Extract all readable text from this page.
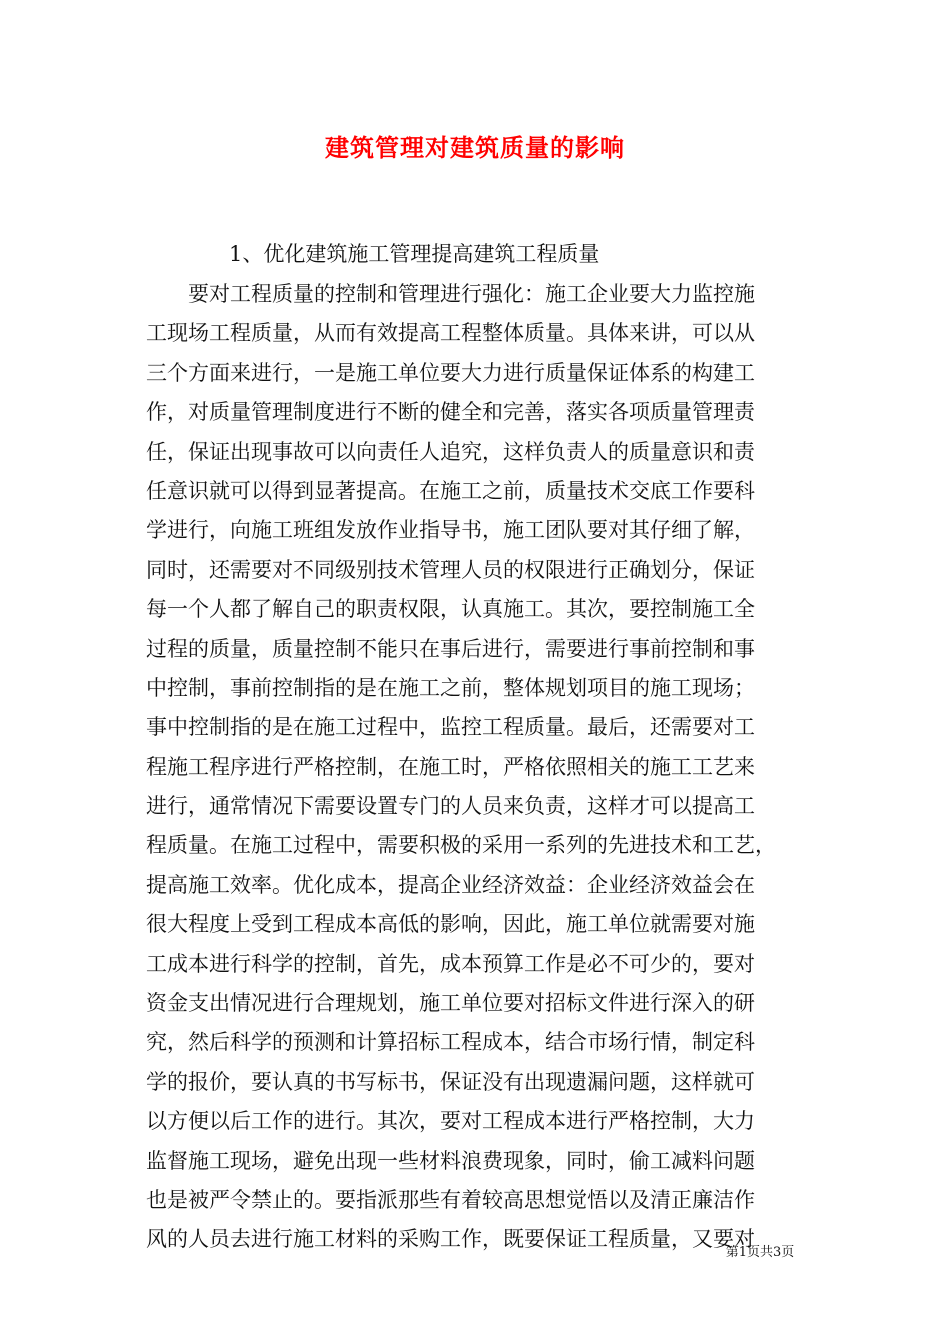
建筑管理对建筑质量的影响
1、优化建筑施工管理提高建筑工程质量
要对工程质量的控制和管理进行强化：施工企业要大力监控施
工现场工程质量，从而有效提高工程整体质量。具体来讲，可以从
三个方面来进行，一是施工单位要大力进行质量保证体系的构建工
作，对质量管理制度进行不断的健全和完善，落实各项质量管理责
任，保证出现事故可以向责任人追究，这样负责人的质量意识和责
任意识就可以得到显著提高。在施工之前，质量技术交底工作要科
学进行，向施工班组发放作业指导书，施工团队要对其仔细了解，
同时，还需要对不同级别技术管理人员的权限进行正确划分，保证
每一个人都了解自己的职责权限，认真施工。其次，要控制施工全
过程的质量，质量控制不能只在事后进行，需要进行事前控制和事
中控制，事前控制指的是在施工之前，整体规划项目的施工现场；
事中控制指的是在施工过程中，监控工程质量。最后，还需要对工
程施工程序进行严格控制，在施工时，严格依照相关的施工工艺来
进行，通常情况下需要设置专门的人员来负责，这样才可以提高工
程质量。在施工过程中，需要积极的采用一系列的先进技术和工艺，
提高施工效率。优化成本，提高企业经济效益：企业经济效益会在
很大程度上受到工程成本高低的影响，因此，施工单位就需要对施
工成本进行科学的控制，首先，成本预算工作是必不可少的，要对
资金支出情况进行合理规划，施工单位要对招标文件进行深入的研
究，然后科学的预测和计算招标工程成本，结合市场行情，制定科
学的报价，要认真的书写标书，保证没有出现遗漏问题，这样就可
以方便以后工作的进行。其次，要对工程成本进行严格控制，大力
监督施工现场，避免出现一些材料浪费现象，同时，偷工减料问题
也是被严令禁止的。要指派那些有着较高思想觉悟以及清正廉洁作
风的人员去进行施工材料的采购工作，既要保证工程质量，又要对
第1页共3页
